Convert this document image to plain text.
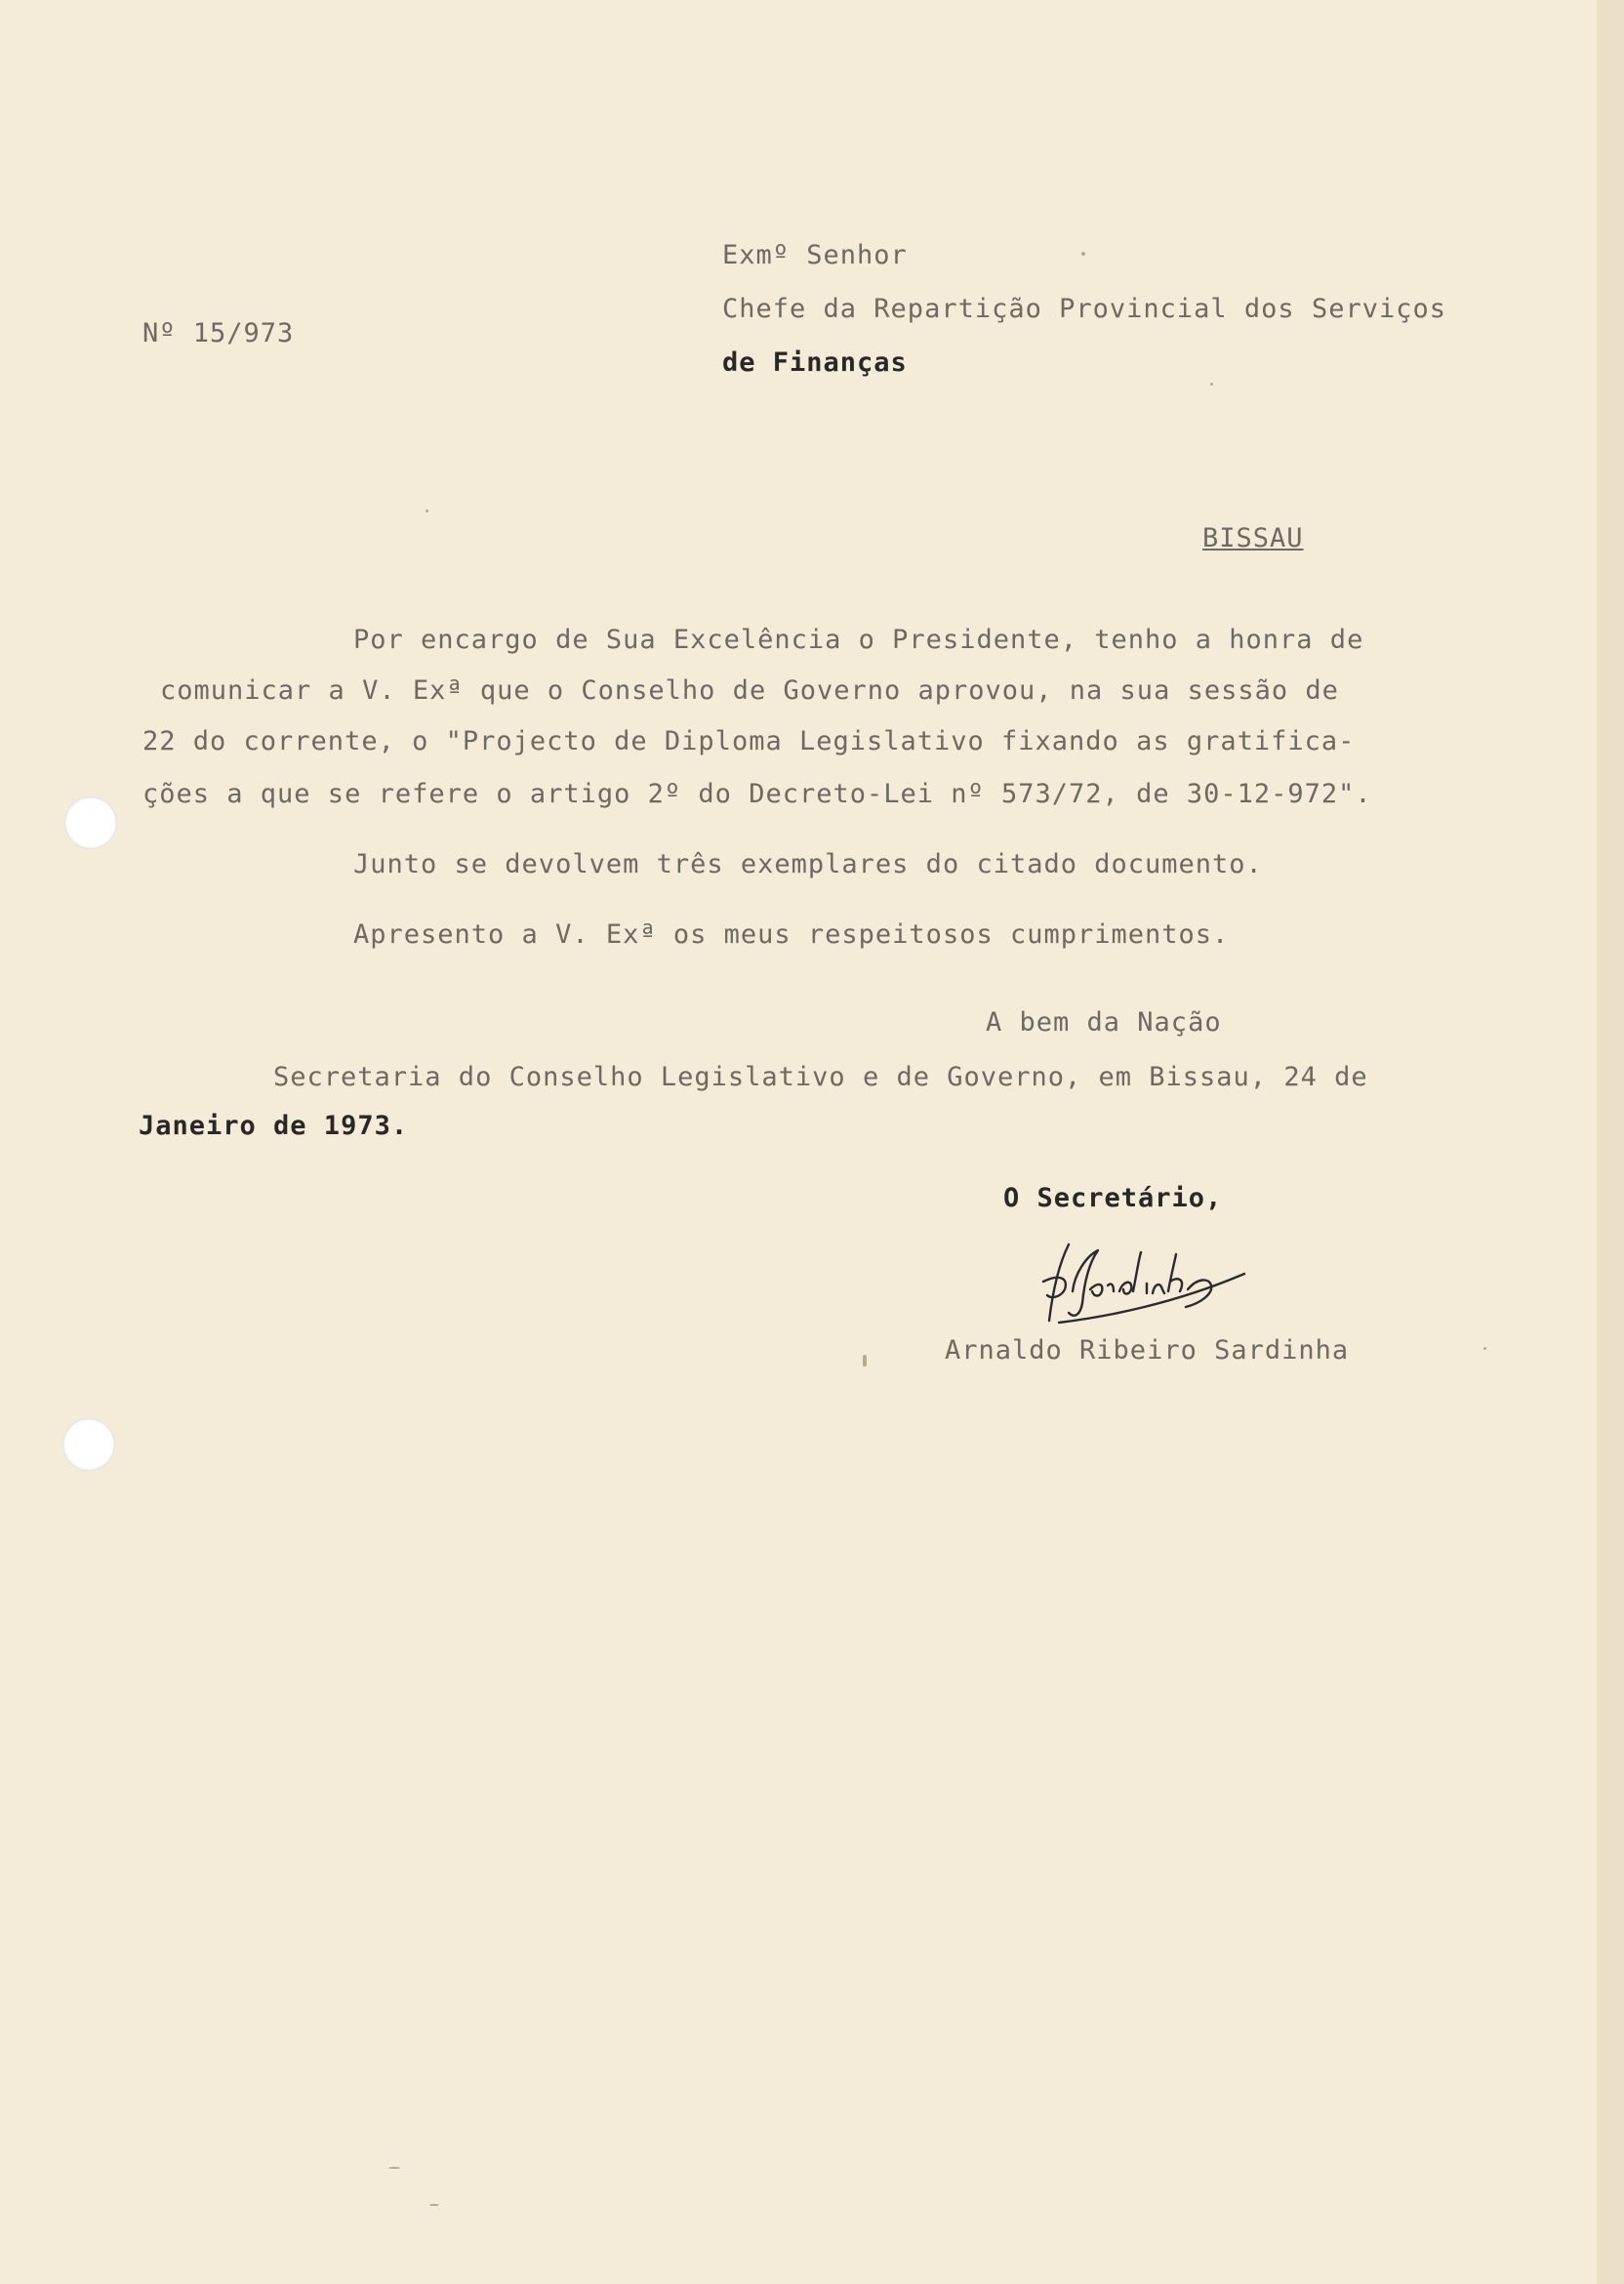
Nº 15/973
Exmº Senhor
Chefe da Repartição Provincial dos Serviços
de Finanças
BISSAU
Por encargo de Sua Excelência o Presidente, tenho a honra de
comunicar a V. Exª que o Conselho de Governo aprovou, na sua sessão de
22 do corrente, o "Projecto de Diploma Legislativo fixando as gratifica-
ções a que se refere o artigo 2º do Decreto-Lei nº 573/72, de 30-12-972".
Junto se devolvem três exemplares do citado documento.
Apresento a V. Exª os meus respeitosos cumprimentos.
A bem da Nação
Secretaria do Conselho Legislativo e de Governo, em Bissau, 24 de
Janeiro de 1973.
O Secretário,
Arnaldo Ribeiro Sardinha
